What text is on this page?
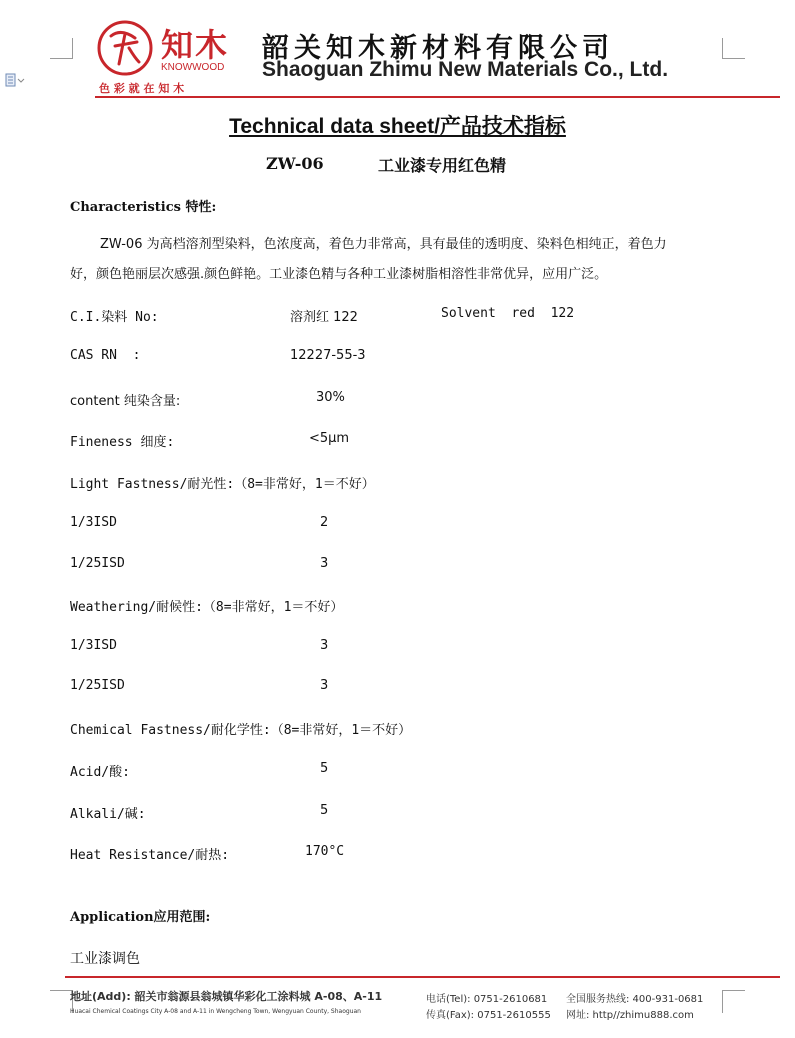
知木
KNOWWOOD
色 彩 就 在 知 木
韶关知木新材料有限公司
Shaoguan Zhimu New Materials Co., Ltd.
Technical data sheet/产品技术指标
ZW-06	工业漆专用红色精
Characteristics 特性:
ZW-06 为高档溶剂型染料，色浓度高，着色力非常高，具有最佳的透明度、染料色相纯正，着色力
好，颜色艳丽层次感强.颜色鲜艳。工业漆色精与各种工业漆树脂相溶性非常优异，应用广泛。
C.I.染料 No:	溶剂红 122	Solvent  red  122
CAS RN  :	12227-55-3
content 纯染含量:	30%
Fineness 细度:	<5μm
Light Fastness/耐光性:（8=非常好，1＝不好）
1/3ISD	2
1/25ISD	3
Weathering/耐候性:（8=非常好，1＝不好）
1/3ISD	3
1/25ISD	3
Chemical Fastness/耐化学性:（8=非常好，1＝不好）
Acid/酸:	5
Alkali/碱:	5
Heat Resistance/耐热:	170°C
Application应用范围:
工业漆调色
地址(Add): 韶关市翁源县翁城镇华彩化工涂料城 A-08、A-11
Huacai Chemical Coatings City A-08 and A-11 in Wengcheng Town, Wengyuan County, Shaoguan
电话(Tel): 0751-2610681
传真(Fax): 0751-2610555
全国服务热线: 400-931-0681
网址: http//zhimu888.com
